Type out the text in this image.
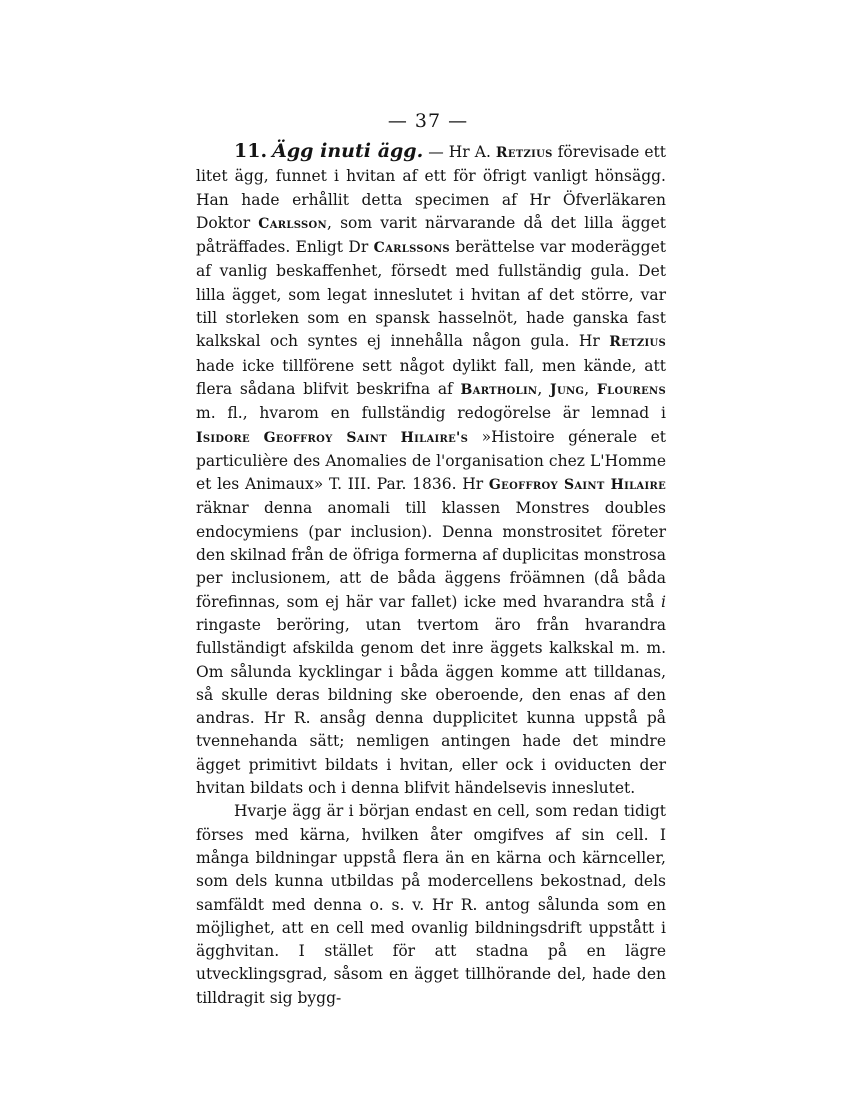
— 37 —

11. Ägg inuti ägg. — Hr A. Retzius förevisade ett litet ägg, funnet i hvitan af ett för öfrigt vanligt hönsägg. Han hade erhållit detta specimen af Hr Öfverläkaren Doktor Carlsson, som varit närvarande då det lilla ägget påträffades. Enligt Dr Carlssons berättelse var moderägget af vanlig beskaffenhet, försedt med fullständig gula. Det lilla ägget, som legat inneslutet i hvitan af det större, var till storleken som en spansk hasselnöt, hade ganska fast kalkskal och syntes ej innehålla någon gula. Hr Retzius hade icke tillförene sett något dylikt fall, men kände, att flera sådana blifvit beskrifna af Bartholin, Jung, Flourens m. fl., hvarom en fullständig redogörelse är lemnad i Isidore Geoffroy Saint Hilaire's »Histoire génerale et particulière des Anomalies de l'organisation chez L'Homme et les Animaux» T. III. Par. 1836. Hr Geoffroy Saint Hilaire räknar denna anomali till klassen Monstres doubles endocymiens (par inclusion). Denna monstrositet företer den skilnad från de öfriga formerna af duplicitas monstrosa per inclusionem, att de båda äggens fröämnen (då båda förefinnas, som ej här var fallet) icke med hvarandra stå i ringaste beröring, utan tvertom äro från hvarandra fullständigt afskilda genom det inre äggets kalkskal m. m. Om sålunda kycklingar i båda äggen komme att tilldanas, så skulle deras bildning ske oberoende, den enas af den andras. Hr R. ansåg denna dupplicitet kunna uppstå på tvennehanda sätt; nemligen antingen hade det mindre ägget primitivt bildats i hvitan, eller ock i oviducten der hvitan bildats och i denna blifvit händelsevis inneslutet.

Hvarje ägg är i början endast en cell, som redan tidigt förses med kärna, hvilken åter omgifves af sin cell. I många bildningar uppstå flera än en kärna och kärnceller, som dels kunna utbildas på modercellens bekostnad, dels samfäldt med denna o. s. v. Hr R. antog sålunda som en möjlighet, att en cell med ovanlig bildningsdrift uppstått i ägghvitan. I stället för att stadna på en lägre utvecklingsgrad, såsom en ägget tillhörande del, hade den tilldragit sig bygg-
